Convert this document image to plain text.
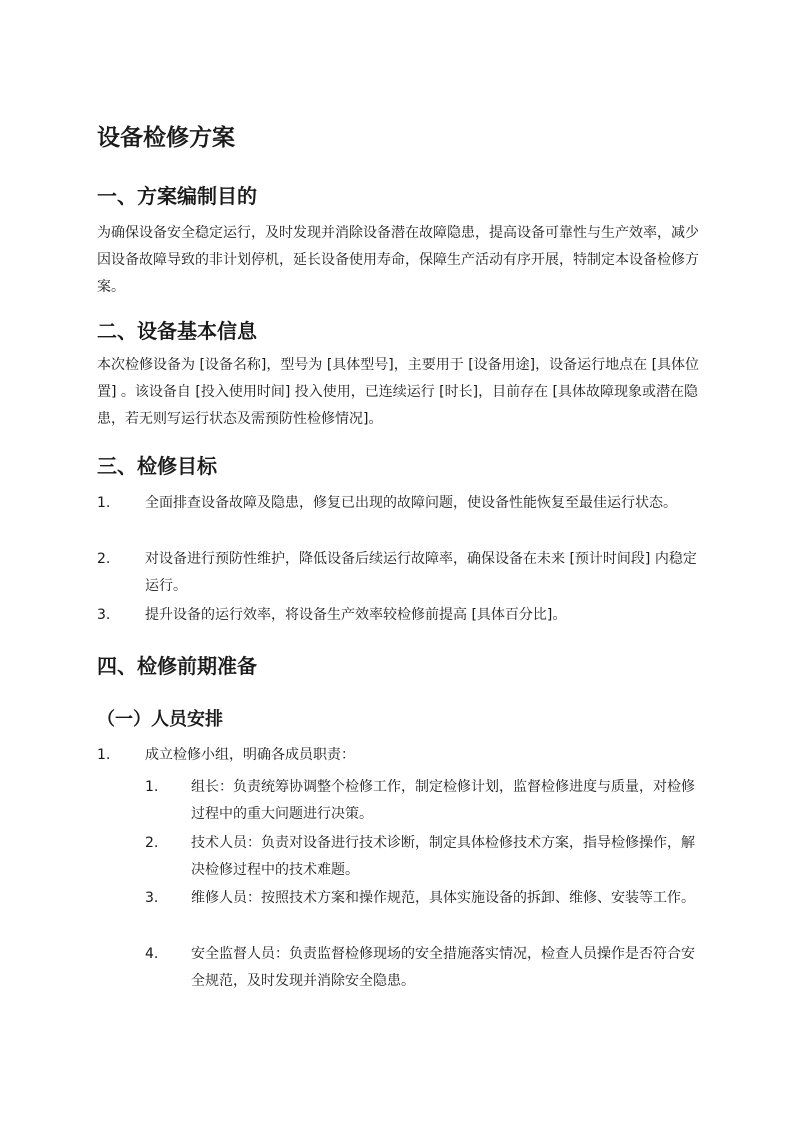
设备检修方案
一、方案编制目的

为确保设备安全稳定运行，及时发现并消除设备潜在故障隐患，提高设备可靠性与生产效率，减少因设备故障导致的非计划停机，延长设备使用寿命，保障生产活动有序开展，特制定本设备检修方案。

二、设备基本信息

本次检修设备为 [设备名称]，型号为 [具体型号]，主要用于 [设备用途]，设备运行地点在 [具体位置] 。该设备自 [投入使用时间] 投入使用，已连续运行 [时长]，目前存在 [具体故障现象或潜在隐患，若无则写运行状态及需预防性检修情况]。

三、检修目标
1. 全面排查设备故障及隐患，修复已出现的故障问题，使设备性能恢复至最佳运行状态。
2. 对设备进行预防性维护，降低设备后续运行故障率，确保设备在未来 [预计时间段] 内稳定运行。
3. 提升设备的运行效率，将设备生产效率较检修前提高 [具体百分比]。
四、检修前期准备
（一）人员安排
1. 成立检修小组，明确各成员职责：
1. 组长：负责统筹协调整个检修工作，制定检修计划，监督检修进度与质量，对检修过程中的重大问题进行决策。
2. 技术人员：负责对设备进行技术诊断，制定具体检修技术方案，指导检修操作，解决检修过程中的技术难题。
3. 维修人员：按照技术方案和操作规范，具体实施设备的拆卸、维修、安装等工作。
4. 安全监督人员：负责监督检修现场的安全措施落实情况，检查人员操作是否符合安全规范，及时发现并消除安全隐患。
